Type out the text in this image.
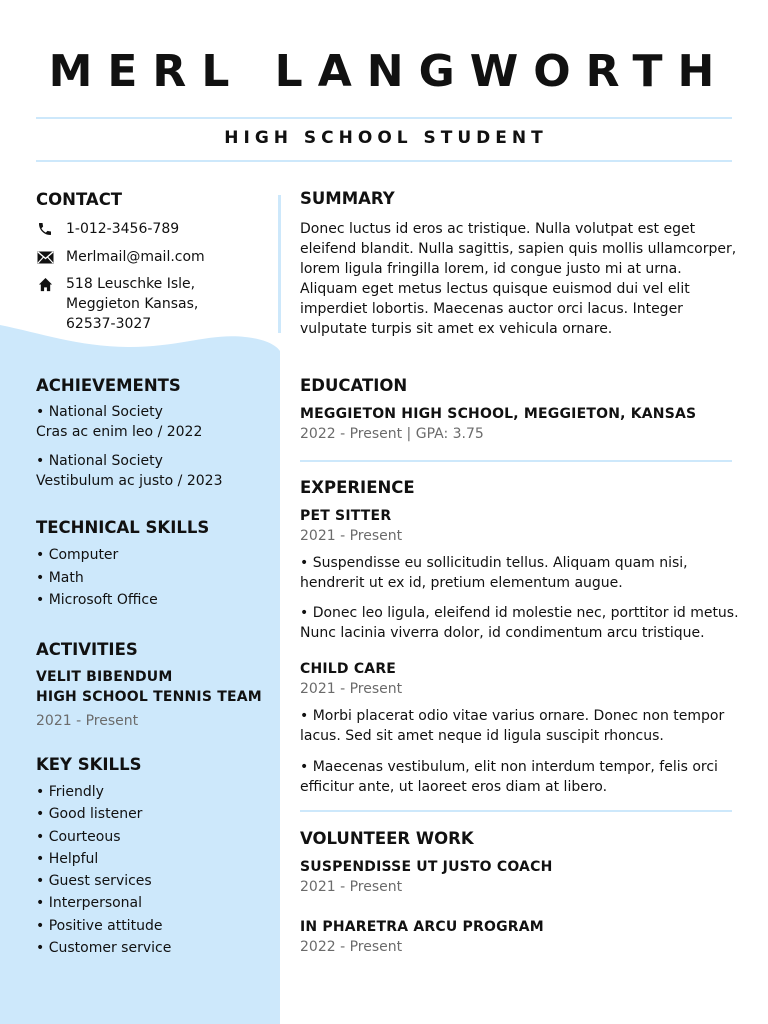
MERL LANGWORTH
HIGH SCHOOL STUDENT
CONTACT
1-012-3456-789
Merlmail@mail.com
518 Leuschke Isle,
Meggieton Kansas,
62537-3027
ACHIEVEMENTS
• National Society
Cras ac enim leo / 2022
• National Society
Vestibulum ac justo / 2023
TECHNICAL SKILLS
• Computer
• Math
• Microsoft Office
ACTIVITIES
VELIT BIBENDUM
HIGH SCHOOL TENNIS TEAM
2021 - Present
KEY SKILLS
• Friendly
• Good listener
• Courteous
• Helpful
• Guest services
• Interpersonal
• Positive attitude
• Customer service
SUMMARY
Donec luctus id eros ac tristique. Nulla volutpat est eget
eleifend blandit. Nulla sagittis, sapien quis mollis ullamcorper,
lorem ligula fringilla lorem, id congue justo mi at urna.
Aliquam eget metus lectus quisque euismod dui vel elit
imperdiet lobortis. Maecenas auctor orci lacus. Integer
vulputate turpis sit amet ex vehicula ornare.
EDUCATION
MEGGIETON HIGH SCHOOL, MEGGIETON, KANSAS
2022 - Present | GPA: 3.75
EXPERIENCE
PET SITTER
2021 - Present
• Suspendisse eu sollicitudin tellus. Aliquam quam nisi,
hendrerit ut ex id, pretium elementum augue.
• Donec leo ligula, eleifend id molestie nec, porttitor id metus.
Nunc lacinia viverra dolor, id condimentum arcu tristique.
CHILD CARE
2021 - Present
• Morbi placerat odio vitae varius ornare. Donec non tempor
lacus. Sed sit amet neque id ligula suscipit rhoncus.
• Maecenas vestibulum, elit non interdum tempor, felis orci
efficitur ante, ut laoreet eros diam at libero.
VOLUNTEER WORK
SUSPENDISSE UT JUSTO COACH
2021 - Present
IN PHARETRA ARCU PROGRAM
2022 - Present
